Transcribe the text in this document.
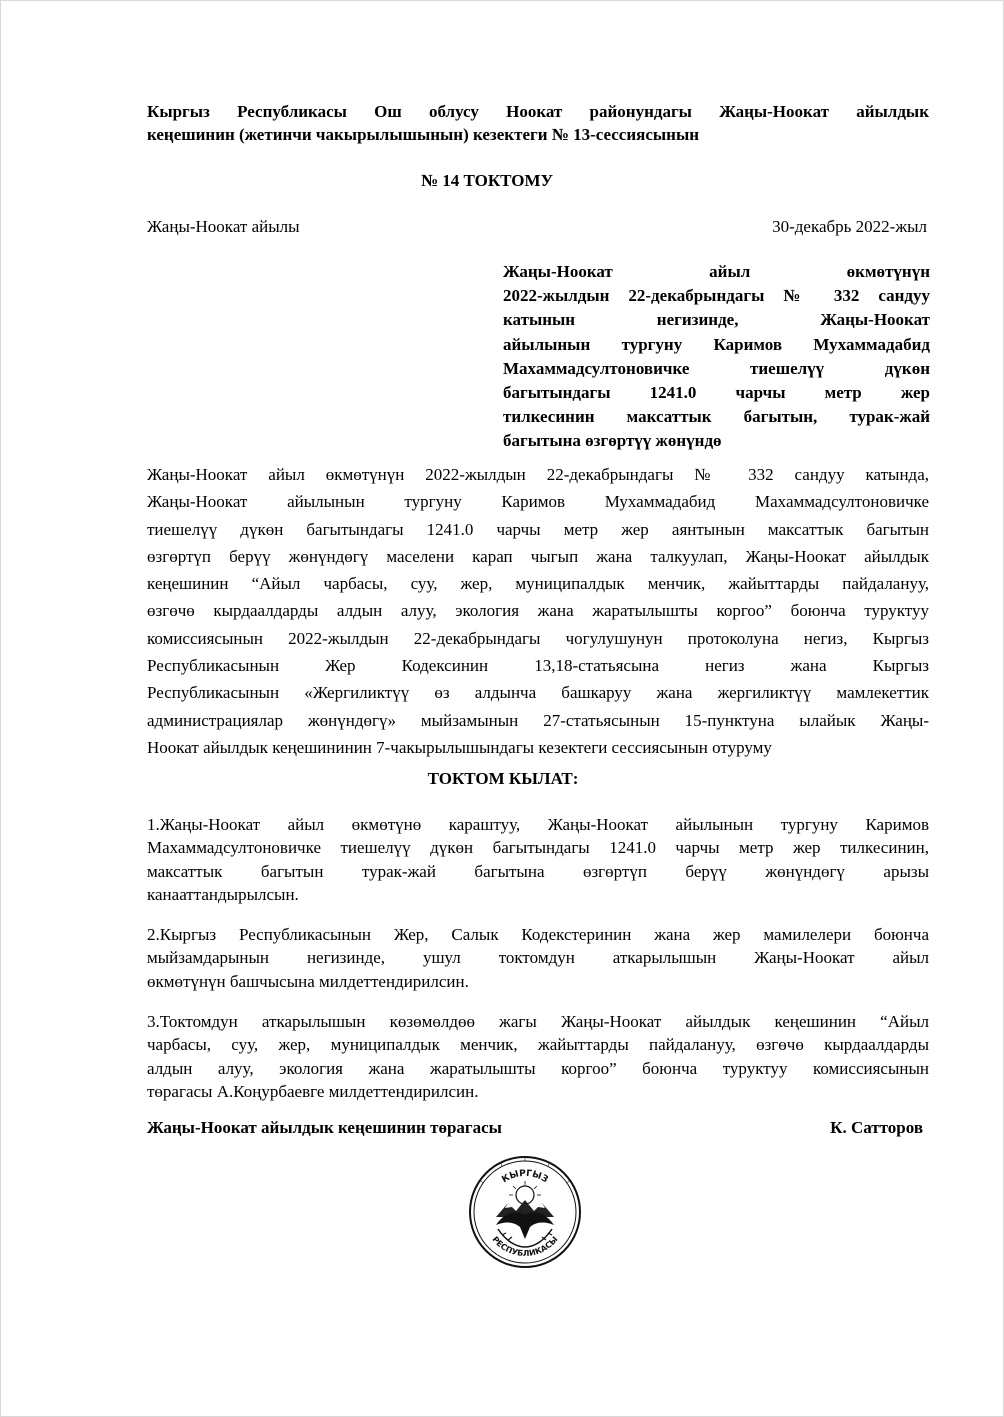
Кыргыз Республикасы Ош облусу Ноокат районундагы Жаңы-Ноокат айылдык
кеңешинин (жетинчи чакырылышынын) кезектеги № 13-сессиясынын
№ 14 ТОКТОМУ
Жаңы-Ноокат айылы	30-декабрь 2022-жыл
Жаңы-Ноокат айыл өкмөтүнүн
2022-жылдын 22-декабрындагы № 332 сандуу
катынын негизинде, Жаңы-Ноокат
айылынын тургуну Каримов Мухаммадабид
Махаммадсултоновичке тиешелүү дүкөн
багытындагы 1241.0 чарчы метр жер
тилкесинин максаттык багытын, турак-жай
багытына өзгөртүү жөнүндө
Жаңы-Ноокат айыл өкмөтүнүн 2022-жылдын 22-декабрындагы № 332 сандуу катында,
Жаңы-Ноокат айылынын тургуну Каримов Мухаммадабид Махаммадсултоновичке
тиешелүү дүкөн багытындагы 1241.0 чарчы метр жер аянтынын максаттык багытын
өзгөртүп берүү жөнүндөгү маселени карап чыгып жана талкуулап, Жаңы-Ноокат айылдык
кеңешинин “Айыл чарбасы, суу, жер, муниципалдык менчик, жайыттарды пайдалануу,
өзгөчө кырдаалдарды алдын алуу, экология жана жаратылышты коргоо” боюнча туруктуу
комиссиясынын 2022-жылдын 22-декабрындагы чогулушунун протоколуна негиз, Кыргыз
Республикасынын Жер Кодексинин 13,18-статьясына негиз жана Кыргыз
Республикасынын «Жергиликтүү өз алдынча башкаруу жана жергиликтүү мамлекеттик
администрациялар жөнүндөгү» мыйзамынын 27-статьясынын 15-пунктуна ылайык Жаңы-
Ноокат айылдык кеңешининин 7-чакырылышындагы кезектеги сессиясынын отуруму
ТОКТОМ КЫЛАТ:
1.Жаңы-Ноокат айыл өкмөтүнө караштуу, Жаңы-Ноокат айылынын тургуну Каримов
Махаммадсултоновичке тиешелүү дүкөн багытындагы 1241.0 чарчы метр жер тилкесинин,
максаттык багытын турак-жай багытына өзгөртүп берүү жөнүндөгү арызы
канааттандырылсын.
2.Кыргыз Республикасынын Жер, Салык Кодекстеринин жана жер мамилелери боюнча
мыйзамдарынын негизинде, ушул токтомдун аткарылышын Жаңы-Ноокат айыл
өкмөтүнүн башчысына милдеттендирилсин.
3.Токтомдун аткарылышын көзөмөлдөө жагы Жаңы-Ноокат айылдык кеңешинин “Айыл
чарбасы, суу, жер, муниципалдык менчик, жайыттарды пайдалануу, өзгөчө кырдаалдарды
алдын алуу, экология жана жаратылышты коргоо” боюнча туруктуу комиссиясынын
төрагасы А.Коңурбаевге милдеттендирилсин.
Жаңы-Ноокат айылдык кеңешинин төрагасы	К. Сатторов
КЫРГЫЗ
РЕСПУБЛИКАСЫ
